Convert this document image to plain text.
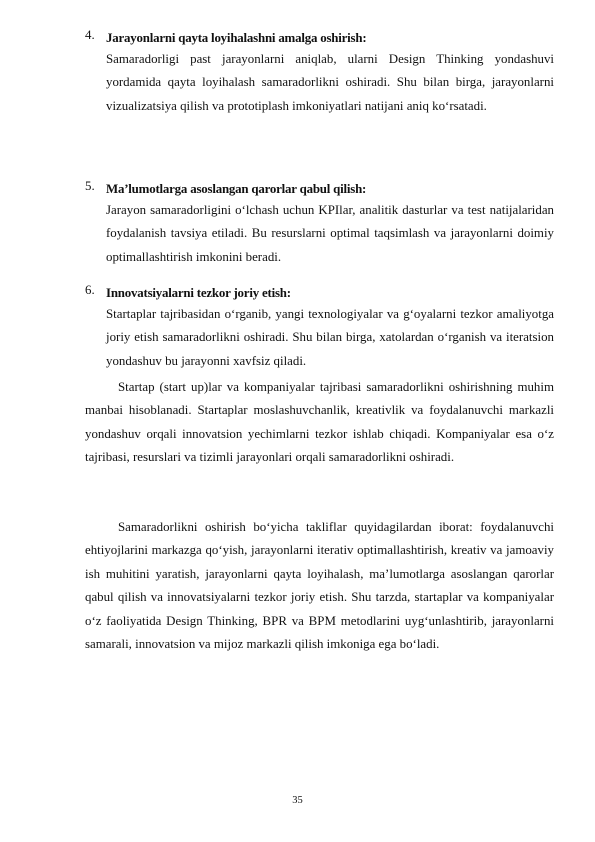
4. Jarayonlarni qayta loyihalashni amalga oshirish:
Samaradorligi past jarayonlarni aniqlab, ularni Design Thinking yondashuvi yordamida qayta loyihalash samaradorlikni oshiradi. Shu bilan birga, jarayonlarni vizualizatsiya qilish va prototiplash imkoniyatlari natijani aniq ko‘rsatadi.
5. Ma’lumotlarga asoslangan qarorlar qabul qilish:
Jarayon samaradorligini o‘lchash uchun KPIlar, analitik dasturlar va test natijalaridan foydalanish tavsiya etiladi. Bu resurslarni optimal taqsimlash va jarayonlarni doimiy optimallashtirish imkonini beradi.
6. Innovatsiyalarni tezkor joriy etish:
Startaplar tajribasidan o‘rganib, yangi texnologiyalar va g‘oyalarni tezkor amaliyotga joriy etish samaradorlikni oshiradi. Shu bilan birga, xatolardan o‘rganish va iteratsion yondashuv bu jarayonni xavfsiz qiladi.

Startap (start up)lar va kompaniyalar tajribasi samaradorlikni oshirishning muhim manbai hisoblanadi. Startaplar moslashuvchanlik, kreativlik va foydalanuvchi markazli yondashuv orqali innovatsion yechimlarni tezkor ishlab chiqadi. Kompaniyalar esa o‘z tajribasi, resurslari va tizimli jarayonlari orqali samaradorlikni oshiradi.

Samaradorlikni oshirish bo‘yicha takliflar quyidagilardan iborat: foydalanuvchi ehtiyojlarini markazga qo‘yish, jarayonlarni iterativ optimallashtirish, kreativ va jamoaviy ish muhitini yaratish, jarayonlarni qayta loyihalash, ma’lumotlarga asoslangan qarorlar qabul qilish va innovatsiyalarni tezkor joriy etish. Shu tarzda, startaplar va kompaniyalar o‘z faoliyatida Design Thinking, BPR va BPM metodlarini uyg‘unlashtirib, jarayonlarni samarali, innovatsion va mijoz markazli qilish imkoniga ega bo‘ladi.

35
